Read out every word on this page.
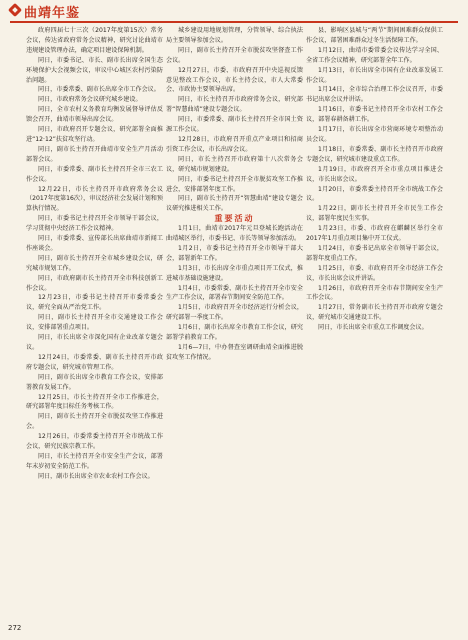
曲靖年鉴

政府四届七十三次（2017年度第15次）常务会议，传达省政府常务会议精神，研究讨论曲靖市违规建设管理办法，确定项目建设保障机制。

同日，市委书记、市长、副市长出席全国生态环境保护大会视频会议，审议中心城区农村污染防治问题。

同日，市委常委、副市长出席全市工作会议。

同日，市政府常务会议研究城乡建设。

同日，全市农村义务教育均衡发展督导评估反馈会召开，曲靖市领导出席会议。

同日，市政府召开专题会议，研究部署全面推进“12·12”扶贫攻坚行动。

同日，副市长主持召开曲靖市安全生产月活动部署会议。

同日，市委常委、副市长主持召开全市三农工作会议。

12月22日，市长主持召开市政府常务会议（2017年度第16次），审议经济社会发展计划和预算执行情况。

同日，市委书记主持召开全市领导干部会议，学习贯彻中央经济工作会议精神。

同日，市委常委、宣传部长出席曲靖市新闻工作座谈会。

同日，副市长主持召开全市城乡建设会议，研究城市规划工作。

同日，市政府副市长主持召开全市科技创新工作会议。

12月23日，市委书记主持召开市委常委会议，研究全面从严治党工作。

同日，副市长主持召开全市交通建设工作会议，安排部署重点项目。

同日，市长出席全市深化国有企业改革专题会议。

12月24日，市委常委、副市长主持召开市政府专题会议，研究城市管理工作。

同日，副市长出席全市教育工作会议，安排部署教育发展工作。

12月25日，市长主持召开全市工作推进会，研究部署年度目标任务考核工作。

同日，副市长主持召开全市脱贫攻坚工作推进会。

12月26日，市委常委主持召开全市统战工作会议，研究民族宗教工作。

同日，市长主持召开全市安全生产会议，部署年末岁初安全防范工作。

同日，副市长出席全市农业农村工作会议。

城乡建设用地规划管理，分管领导、综合执法局主要领导参加会议。

同日，副市长主持召开全市脱贫攻坚督查工作会议。

12月27日，市委、市政府召开中央巡视反馈意见整改工作会议，市长主持会议，市人大常委会、市政协主要领导出席。

同日，市长主持召开市政府常务会议，研究部署“智慧曲靖”建设专题会议。

同日，市委常委、副市长主持召开全市国土资源工作会议。

12月28日，市政府召开重点产业项目和招商引资工作会议，市长出席会议。

同日，市长主持召开市政府第十八次常务会议，研究城市规划建设。

同日，市委书记主持召开全市脱贫攻坚工作推进会，安排部署年度工作。

同日，副市长主持召开“智慧曲靖”建设专题会议研究推进相关工作。

重要活动

1月1日，曲靖市2017年元旦登城长跑活动在曲靖城区举行，市委书记、市长等领导参加活动。

1月2日，市委书记主持召开全市领导干部大会，部署新年工作。

1月3日，市长出席全市重点项目开工仪式，推进城市基础设施建设。

1月4日，市委常委、副市长主持召开全市安全生产工作会议，部署春节期间安全防范工作。

1月5日，市政府召开全市经济运行分析会议，研究部署一季度工作。

1月6日，副市长出席全市教育工作会议，研究部署学前教育工作。

1月6—7日，中办督查室调研曲靖全面推进脱贫攻坚工作情况。

县、影响区县城与“两节”期间困难群众保供工作会议，部署困难群众过冬生活保障工作。

1月12日，曲靖市委常委会议传达学习全国、全省工作会议精神，研究部署全年工作。

1月13日，市长出席全市国有企业改革发展工作会议。

1月14日，全市综合治理工作会议召开，市委书记出席会议并讲话。

1月16日，市委书记主持召开全市农村工作会议，部署春耕备耕工作。

1月17日，市长出席全市营商环境专项整治动员会议。

1月18日，市委常委、副市长主持召开市政府专题会议，研究城市建设重点工作。

1月19日，市政府召开全市重点项目推进会议，市长出席会议。

1月20日，市委常委主持召开全市统战工作会议。

1月22日，副市长主持召开全市民生工作会议，部署年度民生实事。

1月23日，市委、市政府在麒麟区举行全市2017年1月重点项目集中开工仪式。

1月24日，市委书记出席全市领导干部会议，部署年度重点工作。

1月25日，市委、市政府召开全市经济工作会议，市长出席会议并讲话。

1月26日，市政府召开全市春节期间安全生产工作会议。

1月27日，常务副市长主持召开市政府专题会议，研究城市交通建设工作。

同日，市长出席全市重点工作调度会议。

272
